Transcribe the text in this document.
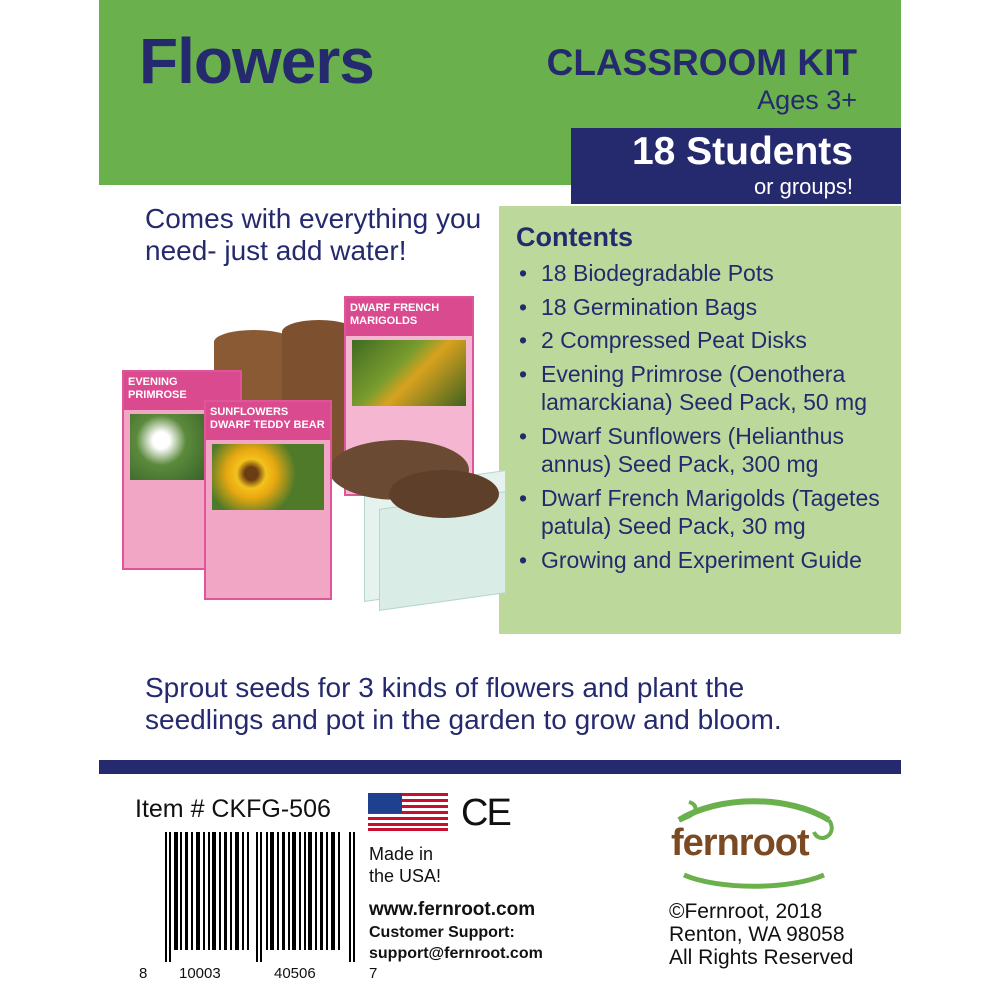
Flowers	CLASSROOM KIT
Ages 3+
18 Students
or groups!
Comes with everything you
need- just add water!	Contents
• 18 Biodegradable Pots
• 18 Germination Bags
• 2 Compressed Peat Disks
• Evening Primrose (Oenothera lamarckiana) Seed Pack, 50 mg
• Dwarf Sunflowers (Helianthus annus) Seed Pack, 300 mg
• Dwarf French Marigolds (Tagetes patula) Seed Pack, 30 mg
• Growing and Experiment Guide
DWARF FRENCH MARIGOLDS
EVENING PRIMROSE
SUNFLOWERS DWARF TEDDY BEAR
Sprout seeds for 3 kinds of flowers and plant the
seedlings and pot in the garden to grow and bloom.
Item # CKFG-506
8 10003	40506	7
CE
Made in
the USA!
www.fernroot.com
Customer Support:
support@fernroot.com
fernroot
©Fernroot, 2018
Renton, WA 98058
All Rights Reserved
